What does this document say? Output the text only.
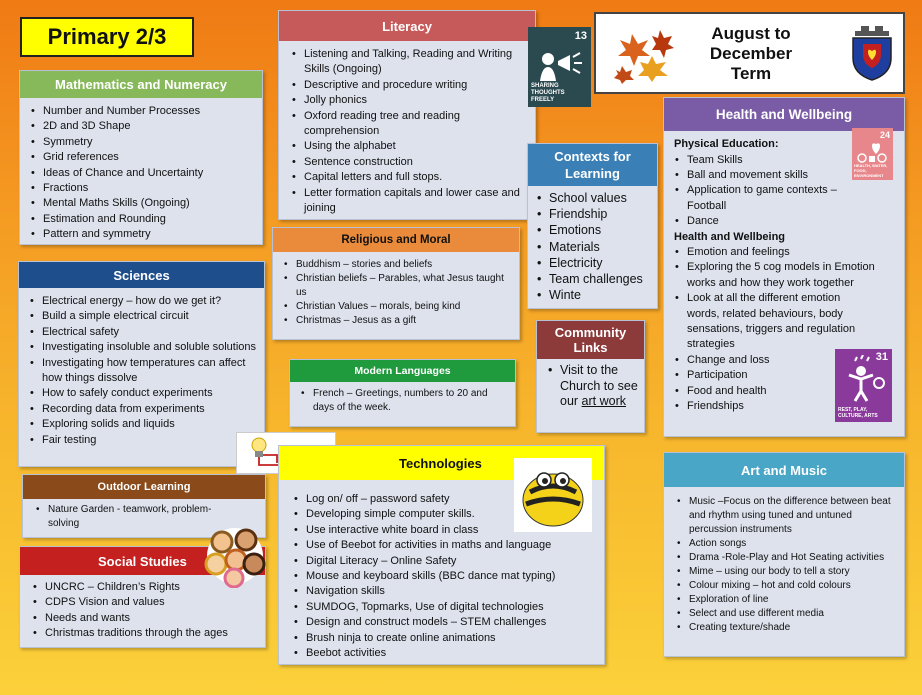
Primary 2/3
Mathematics and Numeracy
• Number and Number Processes
• 2D and 3D Shape
• Symmetry
• Grid references
• Ideas of Chance and Uncertainty
• Fractions
• Mental Maths Skills (Ongoing)
• Estimation and Rounding
• Pattern and symmetry
Literacy
• Listening and Talking, Reading and Writing Skills (Ongoing)
• Descriptive and procedure writing
• Jolly phonics
• Oxford reading tree and reading comprehension
• Using the alphabet
• Sentence construction
• Capital letters and full stops.
• Letter formation capitals and lower case and joining
13
SHARING THOUGHTS FREELY
August to
December
Term
Health and Wellbeing
Physical Education:
• Team Skills
• Ball and movement skills
• Application to game contexts – Football
• Dance
Health and Wellbeing
• Emotion and feelings
• Exploring the 5 cog models in Emotion works and how they work together
• Look at all the different emotion words, related behaviours, body sensations, triggers and regulation strategies
• Change and loss
• Participation
• Food and health
• Friendships
24
HEALTH, WATER, FOOD, ENVIRONMENT
31
REST, PLAY, CULTURE, ARTS
Sciences
• Electrical energy – how do we get it?
• Build a simple electrical circuit
• Electrical safety
• Investigating insoluble and soluble solutions
• Investigating how temperatures can affect how things dissolve
• How to safely conduct experiments
• Recording data from experiments
• Exploring solids and liquids
• Fair testing
Religious and Moral
• Buddhism – stories and beliefs
• Christian beliefs – Parables, what Jesus taught us
• Christian Values – morals, being kind
• Christmas – Jesus as a gift
Contexts for Learning
• School values
• Friendship
• Emotions
• Materials
• Electricity
• Team challenges
• Winte
Community Links
• Visit to the Church to see our art work
Modern Languages
• French – Greetings, numbers to 20 and days of the week.
Technologies
• Log on/ off – password safety
• Developing simple computer skills.
• Use interactive white board in class
• Use of Beebot for activities in maths and language
• Digital Literacy – Online Safety
• Mouse and keyboard skills (BBC dance mat typing)
• Navigation skills
• SUMDOG, Topmarks, Use of digital technologies
• Design and construct models – STEM challenges
• Brush ninja to create online animations
• Beebot activities
Outdoor Learning
• Nature Garden - teamwork, problem-solving
Social Studies
• UNCRC – Children’s Rights
• CDPS Vision and values
• Needs and wants
• Christmas traditions through the ages
Art and Music
• Music –Focus on the difference between beat and rhythm using tuned and untuned percussion instruments
• Action songs
• Drama -Role-Play and Hot Seating activities
• Mime – using our body to tell a story
• Colour mixing – hot and cold colours
• Exploration of line
• Select and use different media
• Creating texture/shade
